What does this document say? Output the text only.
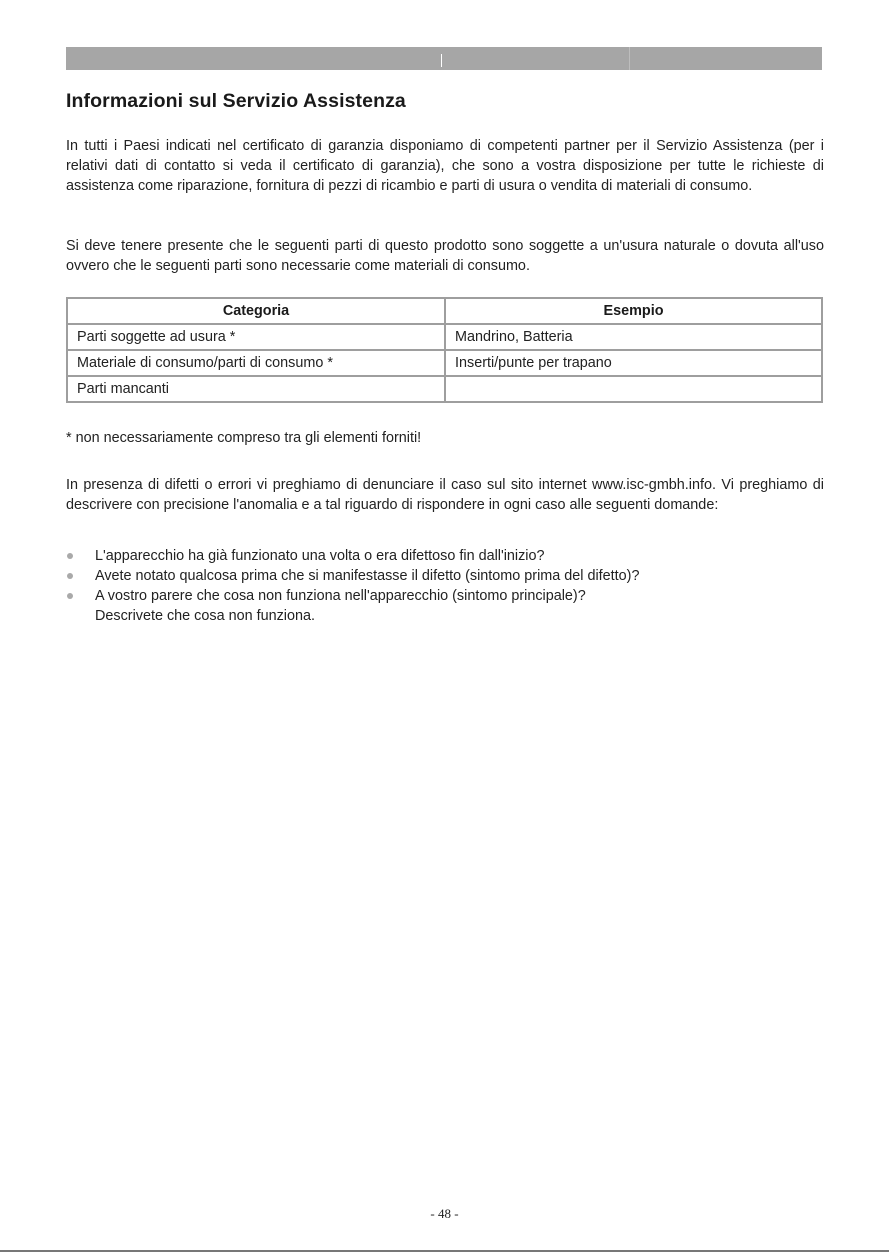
Informazioni sul Servizio Assistenza

In tutti i Paesi indicati nel certificato di garanzia disponiamo di competenti partner per il Servizio Assistenza (per i relativi dati di contatto si veda il certificato di garanzia), che sono a vostra disposizione per tutte le richieste di assistenza come riparazione, fornitura di pezzi di ricambio e parti di usura o vendita di materiali di consumo.

Si deve tenere presente che le seguenti parti di questo prodotto sono soggette a un'usura naturale o dovuta all'uso ovvero che le seguenti parti sono necessarie come materiali di consumo.

Categoria	Esempio
Parti soggette ad usura *	Mandrino, Batteria
Materiale di consumo/parti di consumo *	Inserti/punte per trapano
Parti mancanti	

* non necessariamente compreso tra gli elementi forniti!

In presenza di difetti o errori vi preghiamo di denunciare il caso sul sito internet www.isc-gmbh.info. Vi preghiamo di descrivere con precisione l'anomalia e a tal riguardo di rispondere in ogni caso alle seguenti domande:

L'apparecchio ha già funzionato una volta o era difettoso fin dall'inizio?
Avete notato qualcosa prima che si manifestasse il difetto (sintomo prima del difetto)?
A vostro parere che cosa non funziona nell'apparecchio (sintomo principale)?
Descrivete che cosa non funziona.
- 48 -
